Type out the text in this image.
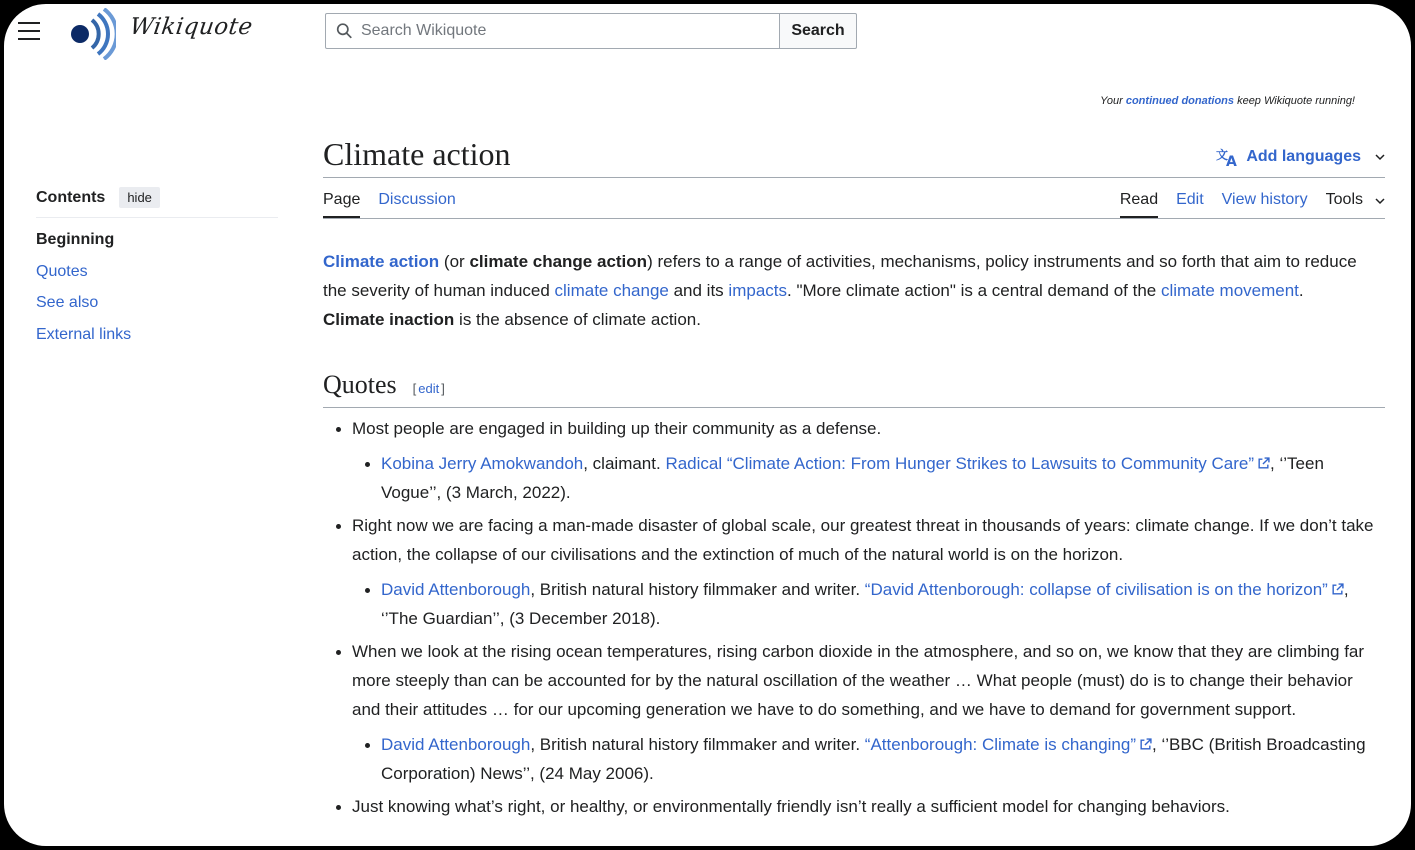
Wikiquote
Search Wikiquote	Search
Your continued donations keep Wikiquote running!
Contents	hide
Beginning
Quotes
See also
External links
Climate action	文
A Add languages
Page Discussion	Read Edit View history Tools

Climate action (or climate change action) refers to a range of activities, mechanisms, policy instruments and so forth that aim to reduce the severity of human induced climate change and its impacts. "More climate action" is a central demand of the climate movement. Climate inaction is the absence of climate action.

Quotes [ edit ]
Most people are engaged in building up their community as a defense.
Kobina Jerry Amokwandoh, claimant. Radical “Climate Action: From Hunger Strikes to Lawsuits to Community Care” , ‘’Teen Vogue’’, (3 March, 2022).
Right now we are facing a man-made disaster of global scale, our greatest threat in thousands of years: climate change. If we don’t take action, the collapse of our civilisations and the extinction of much of the natural world is on the horizon.
David Attenborough, British natural history filmmaker and writer. “David Attenborough: collapse of civilisation is on the horizon” , ‘’The Guardian’’, (3 December 2018).
When we look at the rising ocean temperatures, rising carbon dioxide in the atmosphere, and so on, we know that they are climbing far more steeply than can be accounted for by the natural oscillation of the weather … What people (must) do is to change their behavior and their attitudes … for our upcoming generation we have to do something, and we have to demand for government support.
David Attenborough, British natural history filmmaker and writer. “Attenborough: Climate is changing” , ‘’BBC (British Broadcasting Corporation) News’’, (24 May 2006).
Just knowing what’s right, or healthy, or environmentally friendly isn’t really a sufficient model for changing behaviors.
